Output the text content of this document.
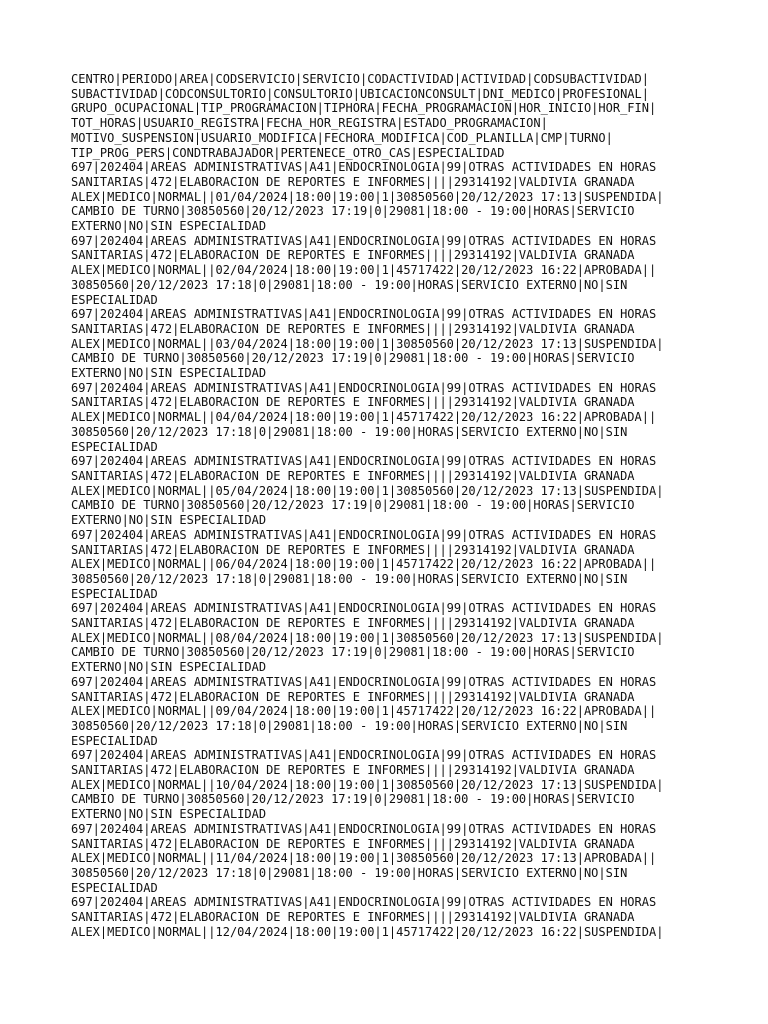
CENTRO|PERIODO|AREA|CODSERVICIO|SERVICIO|CODACTIVIDAD|ACTIVIDAD|CODSUBACTIVIDAD|
SUBACTIVIDAD|CODCONSULTORIO|CONSULTORIO|UBICACIONCONSULT|DNI_MEDICO|PROFESIONAL|
GRUPO_OCUPACIONAL|TIP_PROGRAMACION|TIPHORA|FECHA_PROGRAMACION|HOR_INICIO|HOR_FIN|
TOT_HORAS|USUARIO_REGISTRA|FECHA_HOR_REGISTRA|ESTADO_PROGRAMACION|
MOTIVO_SUSPENSION|USUARIO_MODIFICA|FECHORA_MODIFICA|COD_PLANILLA|CMP|TURNO|
TIP_PROG_PERS|CONDTRABAJADOR|PERTENECE_OTRO_CAS|ESPECIALIDAD
697|202404|AREAS ADMINISTRATIVAS|A41|ENDOCRINOLOGIA|99|OTRAS ACTIVIDADES EN HORAS
SANITARIAS|472|ELABORACION DE REPORTES E INFORMES||||29314192|VALDIVIA GRANADA
ALEX|MEDICO|NORMAL||01/04/2024|18:00|19:00|1|30850560|20/12/2023 17:13|SUSPENDIDA|
CAMBIO DE TURNO|30850560|20/12/2023 17:19|0|29081|18:00 - 19:00|HORAS|SERVICIO
EXTERNO|NO|SIN ESPECIALIDAD
697|202404|AREAS ADMINISTRATIVAS|A41|ENDOCRINOLOGIA|99|OTRAS ACTIVIDADES EN HORAS
SANITARIAS|472|ELABORACION DE REPORTES E INFORMES||||29314192|VALDIVIA GRANADA
ALEX|MEDICO|NORMAL||02/04/2024|18:00|19:00|1|45717422|20/12/2023 16:22|APROBADA||
30850560|20/12/2023 17:18|0|29081|18:00 - 19:00|HORAS|SERVICIO EXTERNO|NO|SIN
ESPECIALIDAD
697|202404|AREAS ADMINISTRATIVAS|A41|ENDOCRINOLOGIA|99|OTRAS ACTIVIDADES EN HORAS
SANITARIAS|472|ELABORACION DE REPORTES E INFORMES||||29314192|VALDIVIA GRANADA
ALEX|MEDICO|NORMAL||03/04/2024|18:00|19:00|1|30850560|20/12/2023 17:13|SUSPENDIDA|
CAMBIO DE TURNO|30850560|20/12/2023 17:19|0|29081|18:00 - 19:00|HORAS|SERVICIO
EXTERNO|NO|SIN ESPECIALIDAD
697|202404|AREAS ADMINISTRATIVAS|A41|ENDOCRINOLOGIA|99|OTRAS ACTIVIDADES EN HORAS
SANITARIAS|472|ELABORACION DE REPORTES E INFORMES||||29314192|VALDIVIA GRANADA
ALEX|MEDICO|NORMAL||04/04/2024|18:00|19:00|1|45717422|20/12/2023 16:22|APROBADA||
30850560|20/12/2023 17:18|0|29081|18:00 - 19:00|HORAS|SERVICIO EXTERNO|NO|SIN
ESPECIALIDAD
697|202404|AREAS ADMINISTRATIVAS|A41|ENDOCRINOLOGIA|99|OTRAS ACTIVIDADES EN HORAS
SANITARIAS|472|ELABORACION DE REPORTES E INFORMES||||29314192|VALDIVIA GRANADA
ALEX|MEDICO|NORMAL||05/04/2024|18:00|19:00|1|30850560|20/12/2023 17:13|SUSPENDIDA|
CAMBIO DE TURNO|30850560|20/12/2023 17:19|0|29081|18:00 - 19:00|HORAS|SERVICIO
EXTERNO|NO|SIN ESPECIALIDAD
697|202404|AREAS ADMINISTRATIVAS|A41|ENDOCRINOLOGIA|99|OTRAS ACTIVIDADES EN HORAS
SANITARIAS|472|ELABORACION DE REPORTES E INFORMES||||29314192|VALDIVIA GRANADA
ALEX|MEDICO|NORMAL||06/04/2024|18:00|19:00|1|45717422|20/12/2023 16:22|APROBADA||
30850560|20/12/2023 17:18|0|29081|18:00 - 19:00|HORAS|SERVICIO EXTERNO|NO|SIN
ESPECIALIDAD
697|202404|AREAS ADMINISTRATIVAS|A41|ENDOCRINOLOGIA|99|OTRAS ACTIVIDADES EN HORAS
SANITARIAS|472|ELABORACION DE REPORTES E INFORMES||||29314192|VALDIVIA GRANADA
ALEX|MEDICO|NORMAL||08/04/2024|18:00|19:00|1|30850560|20/12/2023 17:13|SUSPENDIDA|
CAMBIO DE TURNO|30850560|20/12/2023 17:19|0|29081|18:00 - 19:00|HORAS|SERVICIO
EXTERNO|NO|SIN ESPECIALIDAD
697|202404|AREAS ADMINISTRATIVAS|A41|ENDOCRINOLOGIA|99|OTRAS ACTIVIDADES EN HORAS
SANITARIAS|472|ELABORACION DE REPORTES E INFORMES||||29314192|VALDIVIA GRANADA
ALEX|MEDICO|NORMAL||09/04/2024|18:00|19:00|1|45717422|20/12/2023 16:22|APROBADA||
30850560|20/12/2023 17:18|0|29081|18:00 - 19:00|HORAS|SERVICIO EXTERNO|NO|SIN
ESPECIALIDAD
697|202404|AREAS ADMINISTRATIVAS|A41|ENDOCRINOLOGIA|99|OTRAS ACTIVIDADES EN HORAS
SANITARIAS|472|ELABORACION DE REPORTES E INFORMES||||29314192|VALDIVIA GRANADA
ALEX|MEDICO|NORMAL||10/04/2024|18:00|19:00|1|30850560|20/12/2023 17:13|SUSPENDIDA|
CAMBIO DE TURNO|30850560|20/12/2023 17:19|0|29081|18:00 - 19:00|HORAS|SERVICIO
EXTERNO|NO|SIN ESPECIALIDAD
697|202404|AREAS ADMINISTRATIVAS|A41|ENDOCRINOLOGIA|99|OTRAS ACTIVIDADES EN HORAS
SANITARIAS|472|ELABORACION DE REPORTES E INFORMES||||29314192|VALDIVIA GRANADA
ALEX|MEDICO|NORMAL||11/04/2024|18:00|19:00|1|30850560|20/12/2023 17:13|APROBADA||
30850560|20/12/2023 17:18|0|29081|18:00 - 19:00|HORAS|SERVICIO EXTERNO|NO|SIN
ESPECIALIDAD
697|202404|AREAS ADMINISTRATIVAS|A41|ENDOCRINOLOGIA|99|OTRAS ACTIVIDADES EN HORAS
SANITARIAS|472|ELABORACION DE REPORTES E INFORMES||||29314192|VALDIVIA GRANADA
ALEX|MEDICO|NORMAL||12/04/2024|18:00|19:00|1|45717422|20/12/2023 16:22|SUSPENDIDA|
